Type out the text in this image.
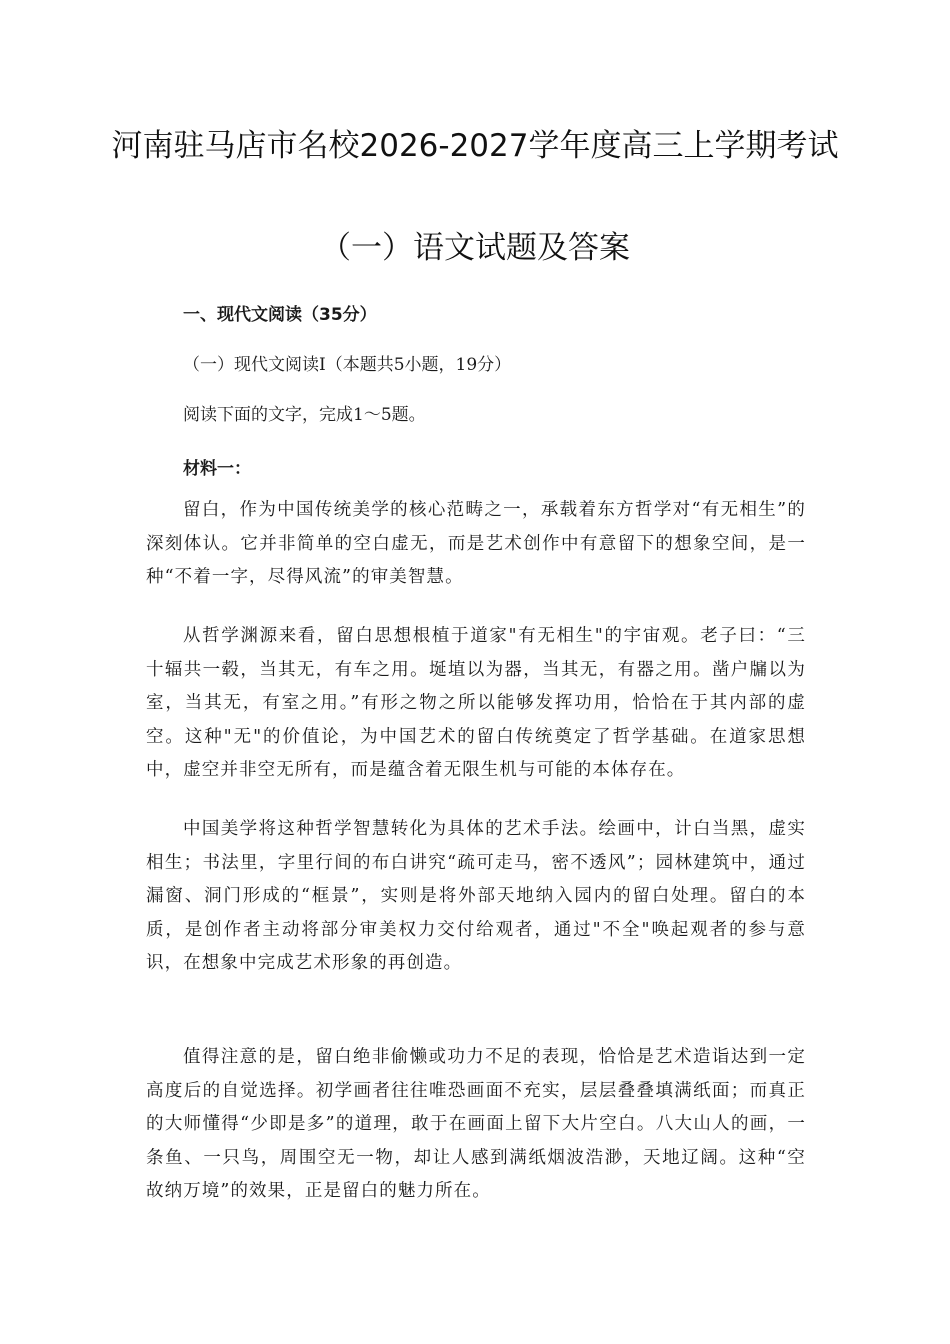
河南驻马店市名校2026-2027学年度高三上学期考试
（一）语文试题及答案
一、现代文阅读（35分）
（一）现代文阅读Ⅰ（本题共5小题，19分）
阅读下面的文字，完成1～5题。
材料一：
留白，作为中国传统美学的核心范畴之一，承载着东方哲学对“有无相生”的深刻体认。它并非简单的空白虚无，而是艺术创作中有意留下的想象空间，是一种“不着一字，尽得风流”的审美智慧。
从哲学渊源来看，留白思想根植于道家"有无相生"的宇宙观。老子曰：“三十辐共一毂，当其无，有车之用。埏埴以为器，当其无，有器之用。凿户牖以为室，当其无，有室之用。”有形之物之所以能够发挥功用，恰恰在于其内部的虚空。这种"无"的价值论，为中国艺术的留白传统奠定了哲学基础。在道家思想中，虚空并非空无所有，而是蕴含着无限生机与可能的本体存在。
中国美学将这种哲学智慧转化为具体的艺术手法。绘画中，计白当黑，虚实相生；书法里，字里行间的布白讲究“疏可走马，密不透风”；园林建筑中，通过漏窗、洞门形成的“框景”，实则是将外部天地纳入园内的留白处理。留白的本质，是创作者主动将部分审美权力交付给观者，通过"不全"唤起观者的参与意识，在想象中完成艺术形象的再创造。
值得注意的是，留白绝非偷懒或功力不足的表现，恰恰是艺术造诣达到一定高度后的自觉选择。初学画者往往唯恐画面不充实，层层叠叠填满纸面；而真正的大师懂得“少即是多”的道理，敢于在画面上留下大片空白。八大山人的画，一条鱼、一只鸟，周围空无一物，却让人感到满纸烟波浩渺，天地辽阔。这种“空故纳万境”的效果，正是留白的魅力所在。
